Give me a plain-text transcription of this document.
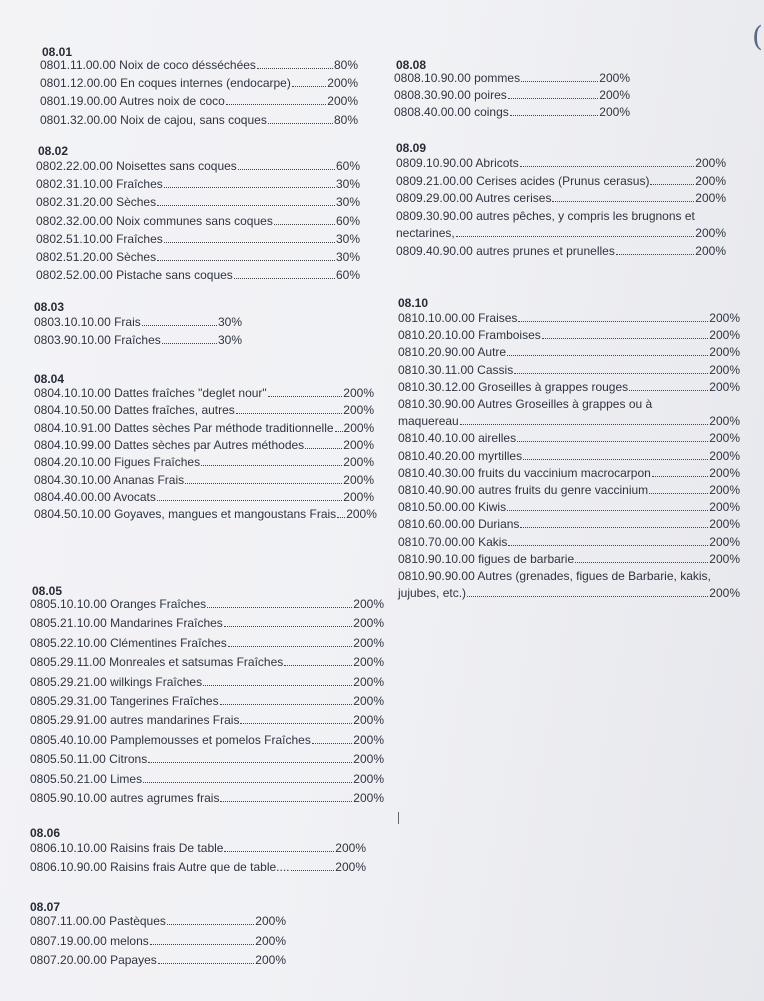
(
08.01
0801.11.00.00 Noix de coco désséchées	80%
0801.12.00.00 En coques internes (endocarpe)	200%
0801.19.00.00 Autres noix de coco	200%
0801.32.00.00 Noix de cajou, sans coques	80%
08.02
0802.22.00.00 Noisettes sans coques	60%
0802.31.10.00 Fraîches	30%
0802.31.20.00 Sèches	30%
0802.32.00.00 Noix communes sans coques	60%
0802.51.10.00 Fraîches	30%
0802.51.20.00 Sèches	30%
0802.52.00.00 Pistache sans coques	60%
08.03
0803.10.10.00 Frais	30%
0803.90.10.00 Fraîches	30%
08.04
0804.10.10.00 Dattes fraîches "deglet nour"	200%
0804.10.50.00 Dattes fraîches, autres	200%
0804.10.91.00 Dattes sèches Par méthode traditionnelle 200%
0804.10.99.00 Dattes sèches par Autres méthodes	200%
0804.20.10.00 Figues Fraîches	200%
0804.30.10.00 Ananas Frais	200%
0804.40.00.00 Avocats	200%
0804.50.10.00 Goyaves, mangues et mangoustans Frais 200%
08.05
0805.10.10.00 Oranges Fraîches	200%
0805.21.10.00 Mandarines Fraîches	200%
0805.22.10.00 Clémentines Fraîches	200%
0805.29.11.00 Monreales et satsumas Fraîches	200%
0805.29.21.00 wilkings Fraîches	200%
0805.29.31.00 Tangerines Fraîches	200%
0805.29.91.00 autres mandarines Frais	200%
0805.40.10.00 Pamplemousses et pomelos Fraîches	200%
0805.50.11.00 Citrons	200%
0805.50.21.00 Limes	200%
0805.90.10.00 autres agrumes frais	200%
08.06
0806.10.10.00 Raisins frais De table	200%
0806.10.90.00 Raisins frais Autre que de table....	200%
08.07
0807.11.00.00 Pastèques	200%
0807.19.00.00 melons	200%
0807.20.00.00 Papayes	200%
08.08
0808.10.90.00 pommes	200%
0808.30.90.00 poires	200%
0808.40.00.00 coings	200%
08.09
0809.10.90.00 Abricots	200%
0809.21.00.00 Cerises acides (Prunus cerasus)	200%
0809.29.00.00 Autres cerises	200%
0809.30.90.00 autres pêches, y compris les brugnons et
nectarines,	200%
0809.40.90.00 autres prunes et prunelles	200%
08.10
0810.10.00.00 Fraises	200%
0810.20.10.00 Framboises	200%
0810.20.90.00 Autre	200%
0810.30.11.00 Cassis	200%
0810.30.12.00 Groseilles à grappes rouges	200%
0810.30.90.00 Autres Groseilles à grappes ou à
maquereau	200%
0810.40.10.00 airelles	200%
0810.40.20.00 myrtilles	200%
0810.40.30.00 fruits du vaccinium macrocarpon	200%
0810.40.90.00 autres fruits du genre vaccinium	200%
0810.50.00.00 Kiwis	200%
0810.60.00.00 Durians	200%
0810.70.00.00 Kakis	200%
0810.90.10.00 figues de barbarie	200%
0810.90.90.00 Autres (grenades, figues de Barbarie, kakis,
jujubes, etc.)	200%
